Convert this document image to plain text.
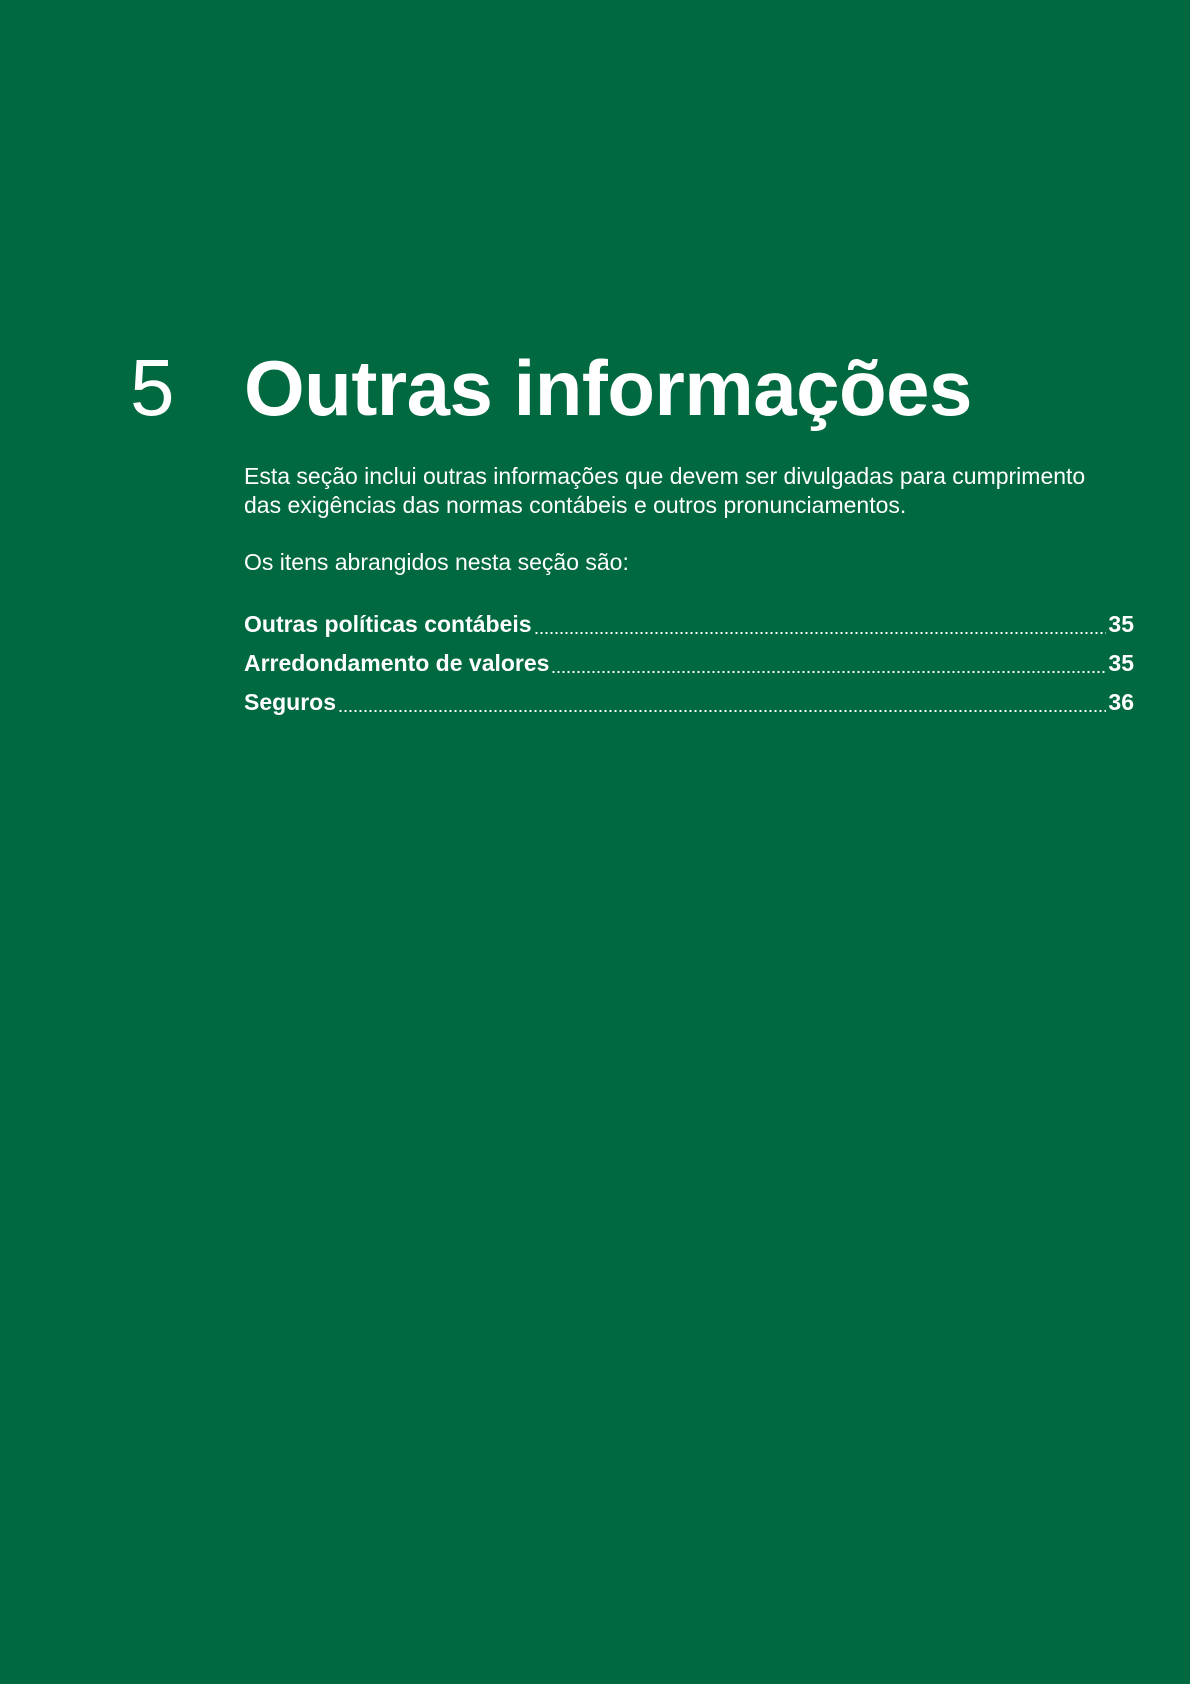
5 Outras informações

Esta seção inclui outras informações que devem ser divulgadas para cumprimento das exigências das normas contábeis e outros pronunciamentos.

Os itens abrangidos nesta seção são:

Outras políticas contábeis	35
Arredondamento de valores	35
Seguros	36
